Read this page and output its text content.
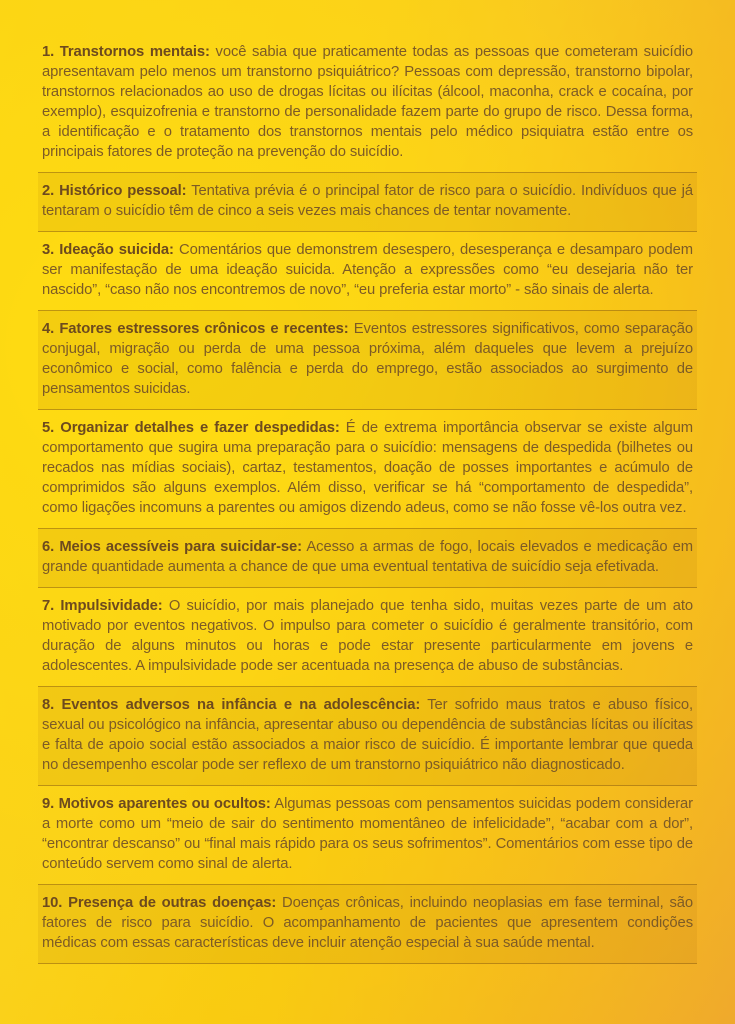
1. Transtornos mentais: você sabia que praticamente todas as pessoas que cometeram suicídio apresentavam pelo menos um transtorno psiquiátrico? Pessoas com depressão, transtorno bipolar, transtornos relacionados ao uso de drogas lícitas ou ilícitas (álcool, maconha, crack e cocaína, por exemplo), esquizofrenia e transtorno de personalidade fazem parte do grupo de risco. Dessa forma, a identificação e o tratamento dos transtornos mentais pelo médico psiquiatra estão entre os principais fatores de proteção na prevenção do suicídio.

2. Histórico pessoal: Tentativa prévia é o principal fator de risco para o suicídio. Indivíduos que já tentaram o suicídio têm de cinco a seis vezes mais chances de tentar novamente.

3. Ideação suicida: Comentários que demonstrem desespero, desesperança e desamparo podem ser manifestação de uma ideação suicida. Atenção a expressões como “eu desejaria não ter nascido”, “caso não nos encontremos de novo”, “eu preferia estar morto” - são sinais de alerta.

4. Fatores estressores crônicos e recentes: Eventos estressores significativos, como separação conjugal, migração ou perda de uma pessoa próxima, além daqueles que levem a prejuízo econômico e social, como falência e perda do emprego, estão associados ao surgimento de pensamentos suicidas.

5. Organizar detalhes e fazer despedidas: É de extrema importância observar se existe algum comportamento que sugira uma preparação para o suicídio: mensagens de despedida (bilhetes ou recados nas mídias sociais), cartaz, testamentos, doação de posses importantes e acúmulo de comprimidos são alguns exemplos. Além disso, verificar se há “comportamento de despedida”, como ligações incomuns a parentes ou amigos dizendo adeus, como se não fosse vê-los outra vez.

6. Meios acessíveis para suicidar-se: Acesso a armas de fogo, locais elevados e medicação em grande quantidade aumenta a chance de que uma eventual tentativa de suicídio seja efetivada.

7. Impulsividade: O suicídio, por mais planejado que tenha sido, muitas vezes parte de um ato motivado por eventos negativos. O impulso para cometer o suicídio é geralmente transitório, com duração de alguns minutos ou horas e pode estar presente particularmente em jovens e adolescentes. A impulsividade pode ser acentuada na presença de abuso de substâncias.

8. Eventos adversos na infância e na adolescência: Ter sofrido maus tratos e abuso físico, sexual ou psicológico na infância, apresentar abuso ou dependência de substâncias lícitas ou ilícitas e falta de apoio social estão associados a maior risco de suicídio. É importante lembrar que queda no desempenho escolar pode ser reflexo de um transtorno psiquiátrico não diagnosticado.

9. Motivos aparentes ou ocultos: Algumas pessoas com pensamentos suicidas podem considerar a morte como um “meio de sair do sentimento momentâneo de infelicidade”, “acabar com a dor”, “encontrar descanso” ou “final mais rápido para os seus sofrimentos”. Comentários com esse tipo de conteúdo servem como sinal de alerta.

10. Presença de outras doenças: Doenças crônicas, incluindo neoplasias em fase terminal, são fatores de risco para suicídio. O acompanhamento de pacientes que apresentem condições médicas com essas características deve incluir atenção especial à sua saúde mental.
